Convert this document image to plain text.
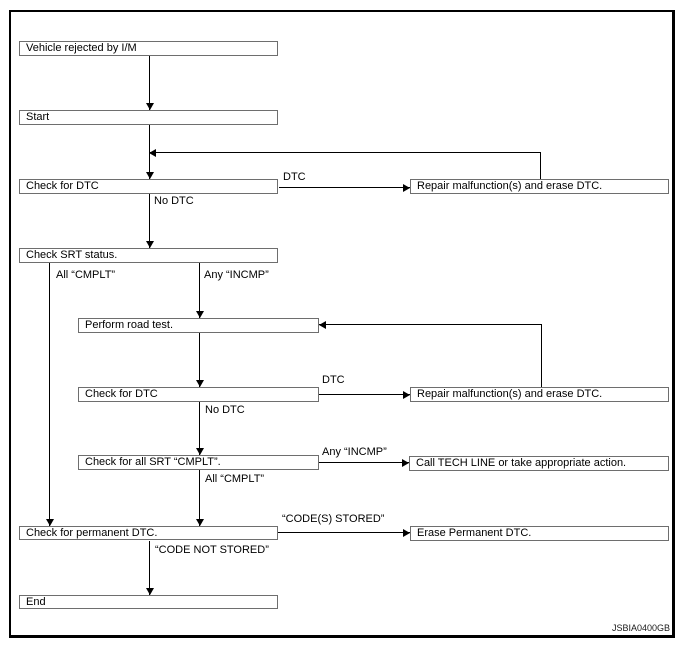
Vehicle rejected by I/M
Start
Check for DTC	Repair malfunction(s) and erase DTC.
Check SRT status.
Perform road test.
Check for DTC	Repair malfunction(s) and erase DTC.
Check for all SRT “CMPLT”.	Call TECH LINE or take appropriate action.
Check for permanent DTC.	Erase Permanent DTC.
End
DTC
No DTC
All “CMPLT”	Any “INCMP”
DTC
No DTC
Any “INCMP”
All “CMPLT”
“CODE(S) STORED”
“CODE NOT STORED”
JSBIA0400GB
